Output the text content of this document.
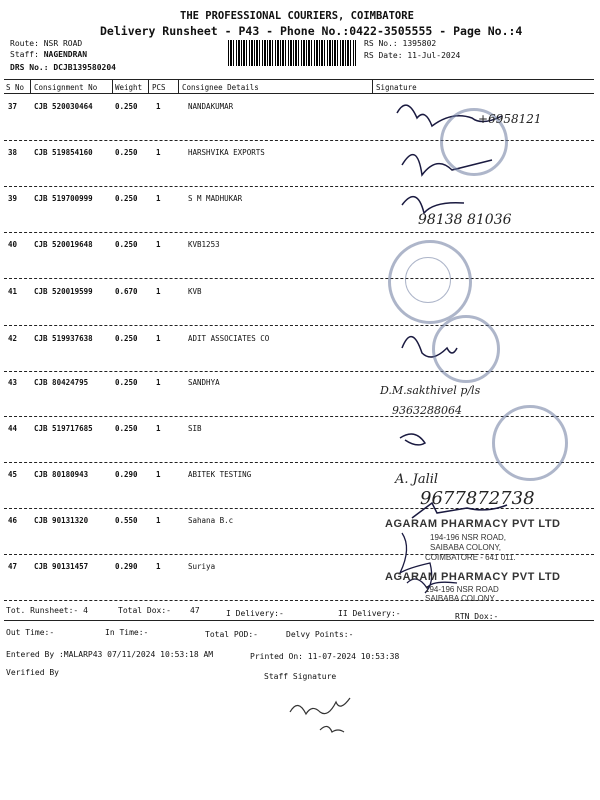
THE PROFESSIONAL COURIERS, COIMBATORE
Delivery Runsheet - P43 - Phone No.:0422-3505555 - Page No.:4
Route: NSR ROAD
Staff: NAGENDRAN
DRS No.: DCJB139580204
RS No.: 1395802
RS Date: 11-Jul-2024
S No Consignment No Weight PCS Consignee Details	Signature
37 CJB 520030464	0.250 1	NANDAKUMAR
38 CJB 519854160	0.250 1	HARSHVIKA EXPORTS
39 CJB 519700999	0.250 1	S M MADHUKAR
40 CJB 520019648	0.250 1	KVB1253
41 CJB 520019599	0.670 1	KVB
42 CJB 519937638	0.250 1	ADIT ASSOCIATES CO
43 CJB 80424795	0.250 1	SANDHYA
44 CJB 519717685	0.250 1	SIB
45 CJB 80180943	0.290 1	ABITEK TESTING
46 CJB 90131320	0.550 1	Sahana B.c
47 CJB 90131457	0.290 1	Suriya
+6958121
98138 81036
D.M.sakthivel p/ls
9363288064
A. Jalil
9677872738
AGARAM PHARMACY PVT LTD
194-196 NSR ROAD,
SAIBABA COLONY,
COIMBATORE - 641 011.
AGARAM PHARMACY PVT LTD
194-196 NSR ROAD
SAIBABA COLONY
Tot. Runsheet:- 4	Total Dox:- 47	I Delivery:-	II Delivery:-	RTN Dox:-
Out Time:-	In Time:-	Total POD:-	Delvy Points:-
Entered By :MALARP43 07/11/2024 10:53:18 AM	Printed On: 11-07-2024 10:53:38
Verified By	Staff Signature
